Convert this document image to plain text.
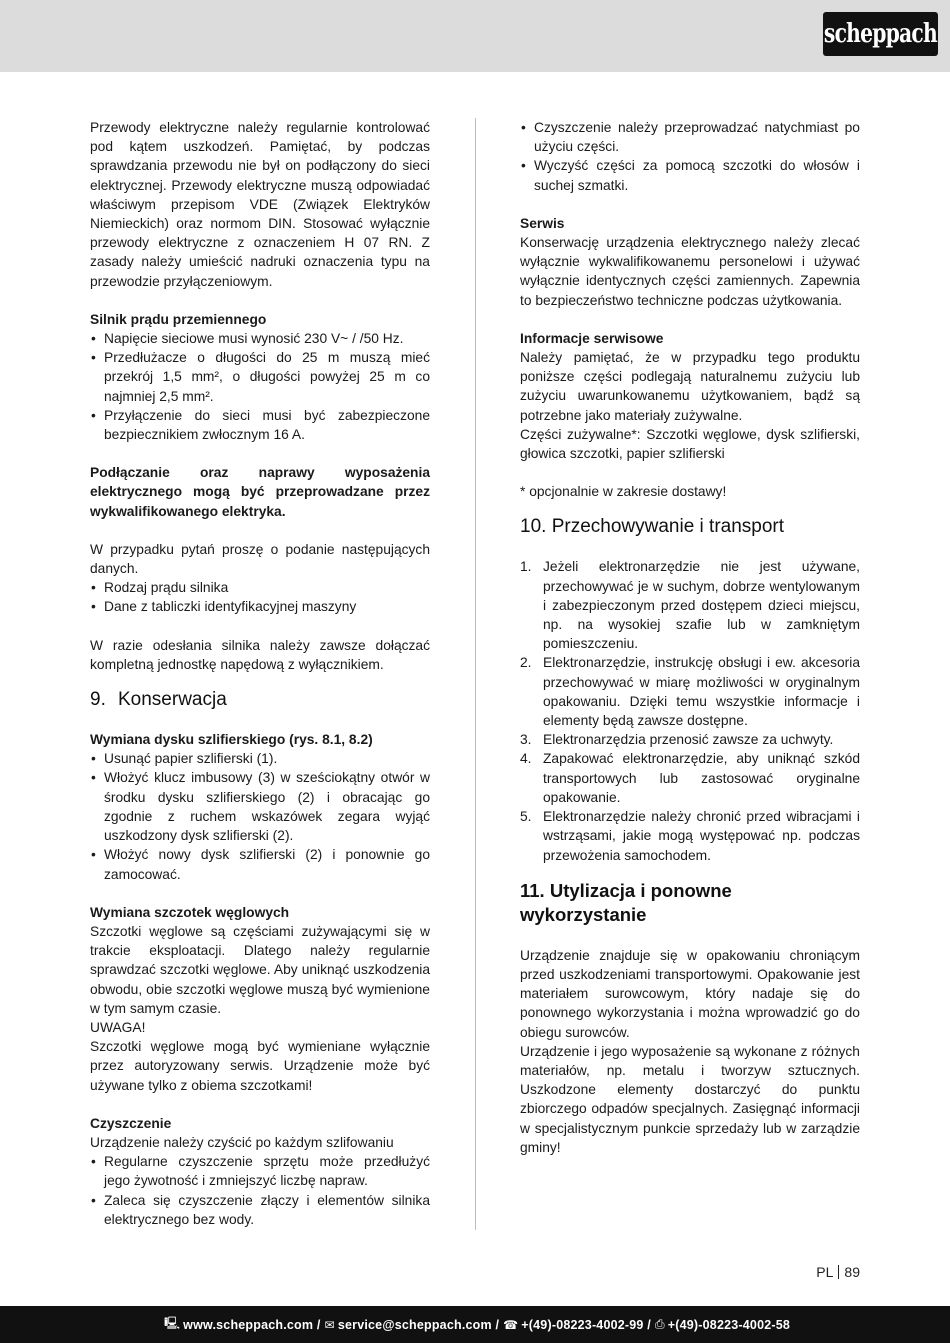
scheppach

Przewody elektryczne należy regularnie kontrolować pod kątem uszkodzeń. Pamiętać, by podczas sprawdzania przewodu nie był on podłączony do sieci elektrycznej. Przewody elektryczne muszą odpowiadać właściwym przepisom VDE (Związek Elektryków Niemieckich) oraz normom DIN. Stosować wyłącznie przewody elektryczne z oznaczeniem H 07 RN. Z zasady należy umieścić nadruki oznaczenia typu na przewodzie przyłączeniowym.

Silnik prądu przemiennego
• Napięcie sieciowe musi wynosić 230 V~ / /50 Hz.
• Przedłużacze o długości do 25 m muszą mieć przekrój 1,5 mm², o długości powyżej 25 m co najmniej 2,5 mm².
• Przyłączenie do sieci musi być zabezpieczone bezpiecznikiem zwłocznym 16 A.

Podłączanie oraz naprawy wyposażenia elektrycznego mogą być przeprowadzane przez wykwalifikowanego elektryka.

W przypadku pytań proszę o podanie następujących danych.

• Rodzaj prądu silnika
• Dane z tabliczki identyfikacyjnej maszyny

W razie odesłania silnika należy zawsze dołączać kompletną jednostkę napędową z wyłącznikiem.

9. Konserwacja
Wymiana dysku szlifierskiego (rys. 8.1, 8.2)
• Usunąć papier szlifierski (1).
• Włożyć klucz imbusowy (3) w sześciokątny otwór w środku dysku szlifierskiego (2) i obracając go zgodnie z ruchem wskazówek zegara wyjąć uszkodzony dysk szlifierski (2).
• Włożyć nowy dysk szlifierski (2) i ponownie go zamocować.
Wymiana szczotek węglowych

Szczotki węglowe są częściami zużywającymi się w trakcie eksploatacji. Dlatego należy regularnie sprawdzać szczotki węglowe. Aby uniknąć uszkodzenia obwodu, obie szczotki węglowe muszą być wymienione w tym samym czasie.

UWAGA!

Szczotki węglowe mogą być wymieniane wyłącznie przez autoryzowany serwis. Urządzenie może być używane tylko z obiema szczotkami!

Czyszczenie

Urządzenie należy czyścić po każdym szlifowaniu

• Regularne czyszczenie sprzętu może przedłużyć jego żywotność i zmniejszyć liczbę napraw.
• Zaleca się czyszczenie złączy i elementów silnika elektrycznego bez wody.
• Czyszczenie należy przeprowadzać natychmiast po użyciu części.
• Wyczyść części za pomocą szczotki do włosów i suchej szmatki.
Serwis

Konserwację urządzenia elektrycznego należy zlecać wyłącznie wykwalifikowanemu personelowi i używać wyłącznie identycznych części zamiennych. Zapewnia to bezpieczeństwo techniczne podczas użytkowania.

Informacje serwisowe

Należy pamiętać, że w przypadku tego produktu poniższe części podlegają naturalnemu zużyciu lub zużyciu uwarunkowanemu użytkowaniem, bądź są potrzebne jako materiały zużywalne.

Części zużywalne*: Szczotki węglowe, dysk szlifierski, głowica szczotki, papier szlifierski

* opcjonalnie w zakresie dostawy!

10. Przechowywanie i transport
1. Jeżeli elektronarzędzie nie jest używane, przechowywać je w suchym, dobrze wentylowanym i zabezpieczonym przed dostępem dzieci miejscu, np. na wysokiej szafie lub w zamkniętym pomieszczeniu.
2. Elektronarzędzie, instrukcję obsługi i ew. akcesoria przechowywać w miarę możliwości w oryginalnym opakowaniu. Dzięki temu wszystkie informacje i elementy będą zawsze dostępne.
3. Elektronarzędzia przenosić zawsze za uchwyty.
4. Zapakować elektronarzędzie, aby uniknąć szkód transportowych lub zastosować oryginalne opakowanie.
5. Elektronarzędzie należy chronić przed wibracjami i wstrząsami, jakie mogą występować np. podczas przewożenia samochodem.
11. Utylizacja i ponowne wykorzystanie

Urządzenie znajduje się w opakowaniu chroniącym przed uszkodzeniami transportowymi. Opakowanie jest materiałem surowcowym, który nadaje się do ponownego wykorzystania i można wprowadzić go do obiegu surowców.

Urządzenie i jego wyposażenie są wykonane z różnych materiałów, np. metalu i tworzyw sztucznych. Uszkodzone elementy dostarczyć do punktu zbiorczego odpadów specjalnych. Zasięgnąć informacji w specjalistycznym punkcie sprzedaży lub w zarządzie gminy!

PL 89
🖳 www.scheppach.com / ✉ service@scheppach.com / ☎ +(49)-08223-4002-99 / ⎙ +(49)-08223-4002-58
